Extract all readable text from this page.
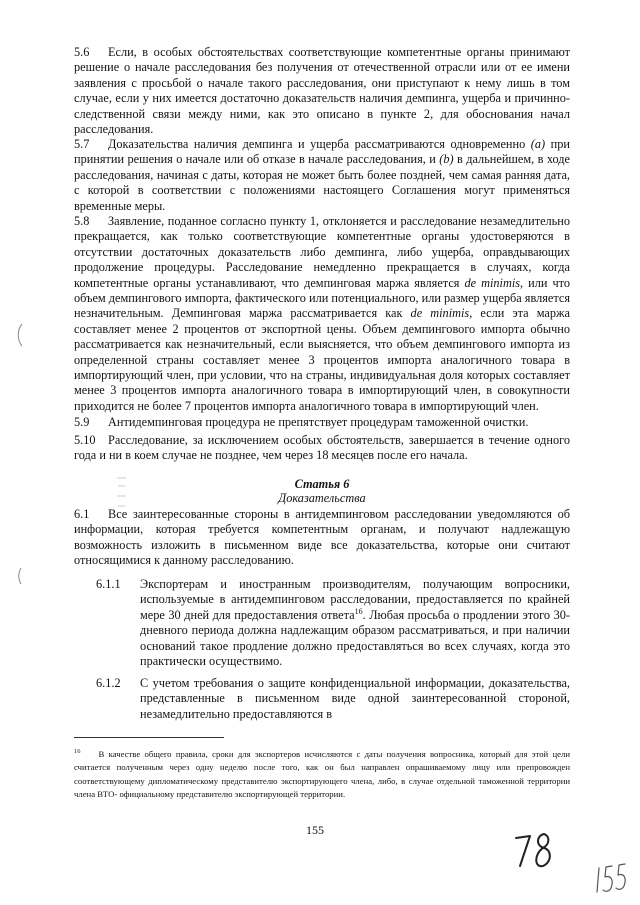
5.6 Если, в особых обстоятельствах соответствующие компетентные органы принимают решение о начале расследования без получения от отечественной отрасли или от ее имени заявления с просьбой о начале такого расследования, они приступают к нему лишь в том случае, если у них имеется достаточно доказательств наличия демпинга, ущерба и причинно-следственной связи между ними, как это описано в пункте 2, для обоснования начал расследования.
5.7 Доказательства наличия демпинга и ущерба рассматриваются одновременно (a) при принятии решения о начале или об отказе в начале расследования, и (b) в дальнейшем, в ходе расследования, начиная с даты, которая не может быть более поздней, чем самая ранняя дата, с которой в соответствии с положениями настоящего Соглашения могут применяться временные меры.
5.8 Заявление, поданное согласно пункту 1, отклоняется и расследование незамедлительно прекращается, как только соответствующие компетентные органы удостоверяются в отсутствии достаточных доказательств либо демпинга, либо ущерба, оправдывающих продолжение процедуры. Расследование немедленно прекращается в случаях, когда компетентные органы устанавливают, что демпинговая маржа является de minimis, или что объем демпингового импорта, фактического или потенциального, или размер ущерба является незначительным. Демпинговая маржа рассматривается как de minimis, если эта маржа составляет менее 2 процентов от экспортной цены. Объем демпингового импорта обычно рассматривается как незначительный, если выясняется, что объем демпингового импорта из определенной страны составляет менее 3 процентов импорта аналогичного товара в импортирующий член, при условии, что на страны, индивидуальная доля которых составляет менее 3 процентов импорта аналогичного товара в импортирующий член, в совокупности приходится не более 7 процентов импорта аналогичного товара в импортирующий член.
5.9 Антидемпинговая процедура не препятствует процедурам таможенной очистки.
5.10 Расследование, за исключением особых обстоятельств, завершается в течение одного года и ни в коем случае не позднее, чем через 18 месяцев после его начала.
Статья 6
Доказательства
6.1 Все заинтересованные стороны в антидемпинговом расследовании уведомляются об информации, которая требуется компетентным органам, и получают надлежащую возможность изложить в письменном виде все доказательства, которые они считают относящимися к данному расследованию.
6.1.1 Экспортерам и иностранным производителям, получающим вопросники, используемые в антидемпинговом расследовании, предоставляется по крайней мере 30 дней для предоставления ответа$^{16}$. Любая просьба о продлении этого 30-дневного периода должна надлежащим образом рассматриваться, и при наличии оснований такое продление должно предоставляться во всех случаях, когда это практически осуществимо.
6.1.2 С учетом требования о защите конфиденциальной информации, доказательства, представленные в письменном виде одной заинтересованной стороной, незамедлительно предоставляются в
$^{16}$ В качестве общего правила, сроки для экспортеров исчисляются с даты получения вопросника, который для этой цели считается полученным через одну неделю после того, как он был направлен опрашиваемому лицу или препровожден соответствующему дипломатическому представителю экспортирующего члена, либо, в случае отдельной таможенной территории члена ВТО- официальному представителю экспортирующей территории.
155
